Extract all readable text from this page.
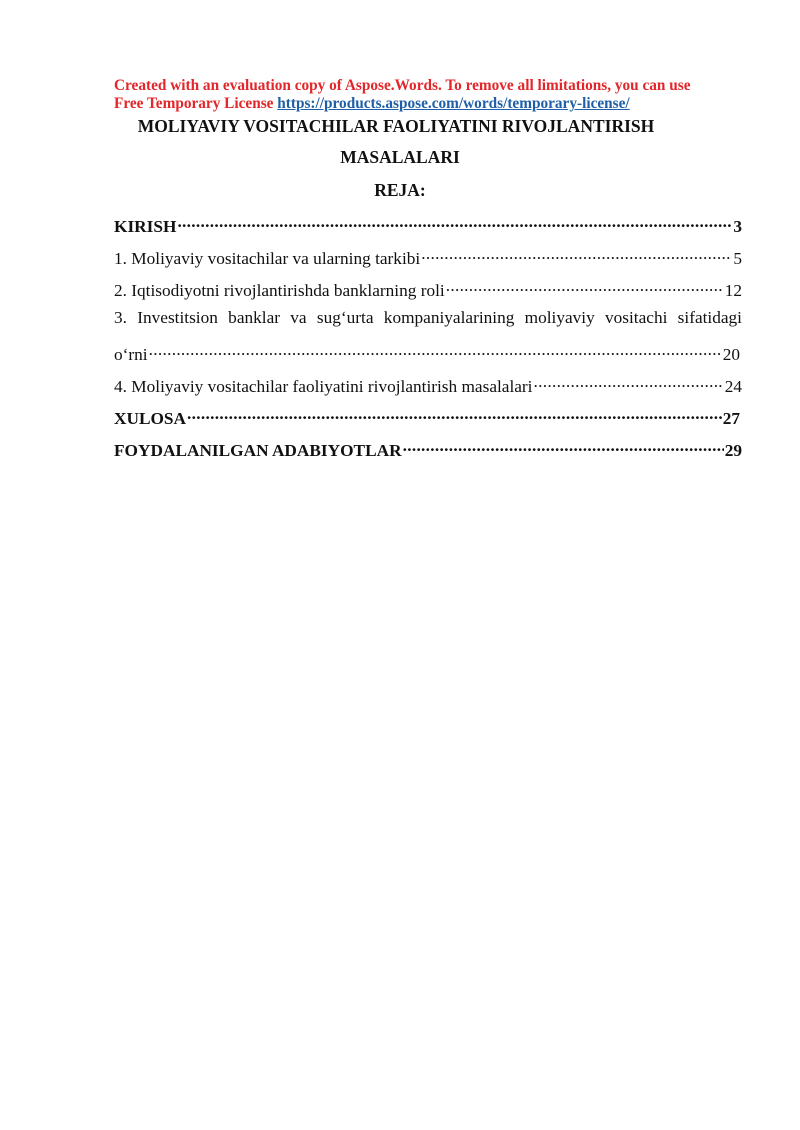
Created with an evaluation copy of Aspose.Words. To remove all limitations, you can use
Free Temporary License https://products.aspose.com/words/temporary-license/
MOLIYAVIY VOSITACHILAR FAOLIYATINI RIVOJLANTIRISH
MASALALARI
REJA:
KIRISH .....	3
1. Moliyaviy vositachilar va ularning tarkibi .....	5
2. Iqtisodiyotni rivojlantirishda banklarning roli .....	12
3. Investitsion banklar va sug‘urta kompaniyalarining moliyaviy vositachi sifatidagi
o‘rni .....	20
4. Moliyaviy vositachilar faoliyatini rivojlantirish masalalari .....	24
XULOSA .....	27
FOYDALANILGAN ADABIYOTLAR .....	29
